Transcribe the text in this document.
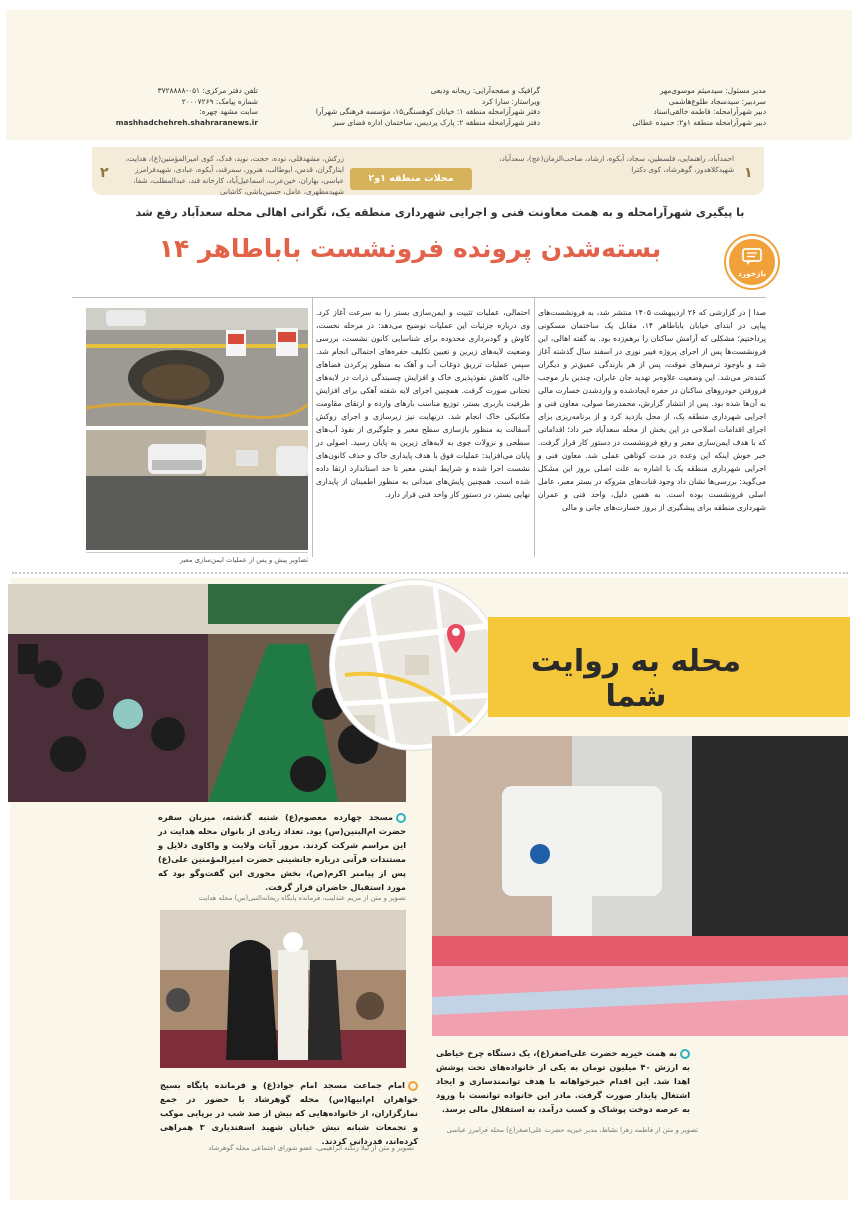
مدیر مسئول: سیدمیثم موسوی‌مهر
سردبیر: سیدسجاد طلوع‌هاشمی
دبیر شهرآرامحله: فاطمه خالقی‌استاد
دبیر شهرآرامحله منطقه ۱و۲: حمیده عطائی
گرافیک و صفحه‌آرایی: ریحانه ودیعی
ویراستار: سارا کرد
دفتر شهرآرامحله منطقه ۱: خیابان کوهسنگی۱۵، مؤسسه فرهنگی شهرآرا
دفتر شهرآرامحله منطقه ۲: پارک پردیس، ساختمان اداره فضای سبز
تلفن دفتر مرکزی: ۰۵۱-۳۷۲۸۸۸۸
شماره پیامک: ۲۰۰۰۷۲۶۹
سایت مشهد چهره:
mashhadchehreh.shahraranews.ir
۱
احمدآباد، راهنمایی، فلسطین، سجاد، آبکوه، ارشاد، صاحب‌الزمان(عج)، سعدآباد، شهیدکلاهدوز، گوهرشاد، کوی دکترا
محلات منطقه ۱و۲
زرکش، مشهدقلی، نوده، حجت، نوید، فدک، کوی امیرالمؤمنین(ع)، هدایت، ایثارگران، قدس، ابوطالب، هنرور، سمرقند، آبکوه، عبادی، شهیدفرامرز عباسی، بهاران، خین‌عرب، اسماعیل‌آباد، کارخانه قند، عبدالمطلب، شفا، شهیدمطهری، عامل، حسین‌باشی، کاشانی
۲
با پیگیری شهرآرامحله و به همت معاونت فنی و اجرایی شهرداری منطقه یک، نگرانی اهالی محله سعدآباد رفع شد
بسته‌شدن پرونده فرونشست باباطاهر ۱۴
بازخورد
صدا | در گزارشی که ۲۶ اردیبهشت ۱۴۰۵ منتشر شد، به فرونشست‌های پیاپی در ابتدای خیابان باباطاهر ۱۴، مقابل یک ساختمان مسکونی پرداختیم؛ مشکلی که آرامش ساکنان را برهم‌زده بود. به گفته اهالی، این فرونشست‌ها پس از اجرای پروژه فیبر نوری در اسفند سال گذشته آغاز شد و باوجود ترمیم‌های موقت، پس از هر بارندگی عمیق‌تر و دیگران کننده‌تر می‌شد. این وضعیت علاوه‌بر تهدید جان عابران، چندین بار موجب فرورفتن خودروهای ساکنان در حفره ایجادشده و واردشدن خسارت مالی به آن‌ها شده بود. پس از انتشار گزارش، محمدرضا صولی، معاون فنی و اجرایی شهرداری منطقه یک، از محل بازدید کرد و از برنامه‌ریزی برای اجرای اقدامات اصلاحی در این بخش از محله سعدآباد خبر داد؛ اقداماتی که با هدف ایمن‌سازی معبر و رفع فرونشست در دستور کار قرار گرفت. خبر خوش اینکه این وعده در مدت کوتاهی عملی شد. معاون فنی و اجرایی شهرداری منطقه یک با اشاره به علت اصلی بروز این مشکل می‌گوید: بررسی‌ها نشان داد وجود قنات‌های متروکه در بستر معبر، عامل اصلی فرونشست بوده است. به همین دلیل، واحد فنی و عمران شهرداری منطقه برای پیشگیری از بروز خسارت‌های جانی و مالی
احتمالی، عملیات تثبیت و ایمن‌سازی بستر را به سرعت آغاز کرد. وی درباره جزئیات این عملیات توضیح می‌دهد: در مرحله نخست، کاوش و گودبرداری محدوده برای شناسایی کانون نشست، بررسی وضعیت لایه‌های زیرین و تعیین تکلیف حفره‌های احتمالی انجام شد. سپس عملیات تزریق دوغاب آب و آهک به منظور پرکردن فضاهای خالی، کاهش نفوذپذیری خاک و افزایش چسبندگی ذرات در لایه‌های تحتانی صورت گرفت. همچنین اجرای لایه شفته آهکی برای افزایش ظرفیت باربری بستر، توزیع مناسب بارهای وارده و ارتقای مقاومت مکانیکی خاک انجام شد. درنهایت نیز زیرسازی و اجرای روکش آسفالت به منظور بازسازی سطح معبر و جلوگیری از نفوذ آب‌های سطحی و نزولات جوی به لایه‌های زیرین به پایان رسید. اصولی در پایان می‌افزاید: عملیات فوق با هدف پایداری خاک و حذف کانون‌های نشست اجرا شده و شرایط ایمنی معبر تا حد استاندارد ارتقا داده شده است. همچنین پایش‌های میدانی به منظور اطمینان از پایداری نهایی بستر، در دستور کار واحد فنی قرار دارد.
تصاویر پیش و پس از عملیات ایمن‌سازی معبر
محله به روایت شما
مسجد چهارده معصوم(ع) شنبه گذشته، میزبان سفره حضرت ام‌البنین(س) بود. تعداد زیادی از بانوان محله هدایت در این مراسم شرکت کردند. مرور آیات ولایت و واکاوی دلایل و مستندات قرآنی درباره جانشینی حضرت امیرالمؤمنین علی(ع) پس از پیامبر اکرم(ص)، بخش محوری این گفت‌وگو بود که مورد استقبال حاضران قرار گرفت.
تصویر و متن از مریم عندلیب، فرمانده پایگاه ریحانه‌النبی(س) محله هدایت
امام جماعت مسجد امام جواد(ع) و فرمانده پایگاه بسیج خواهران ام‌ابیها(س) محله گوهرشاد با حضور در جمع نمازگزاران، از خانواده‌هایی که بیش از صد شب در برپایی موکب و تجمعات شبانه نبش خیابان شهید اسفندیاری ۳ همراهی کرده‌اند، قدردانی کردند.
تصویر و متن از لیلا زنگنه ابراهیمی، عضو شورای اجتماعی محله گوهرشاد
به همت خیریه حضرت علی‌اصغر(ع)، یک دستگاه چرخ خیاطی به ارزش ۴۰ میلیون تومان به یکی از خانواده‌های تحت پوشش اهدا شد. این اقدام خیرخواهانه با هدف توانمندسازی و ایجاد اشتغال پایدار صورت گرفت. مادر این خانواده توانست با ورود به عرصه دوخت پوشاک و کسب درآمد، به استقلال مالی برسد.
تصویر و متن از فاطمه زهرا نشاط، مدیر خیریه حضرت علی‌اصغر(ع) محله فرامرز عباسی
